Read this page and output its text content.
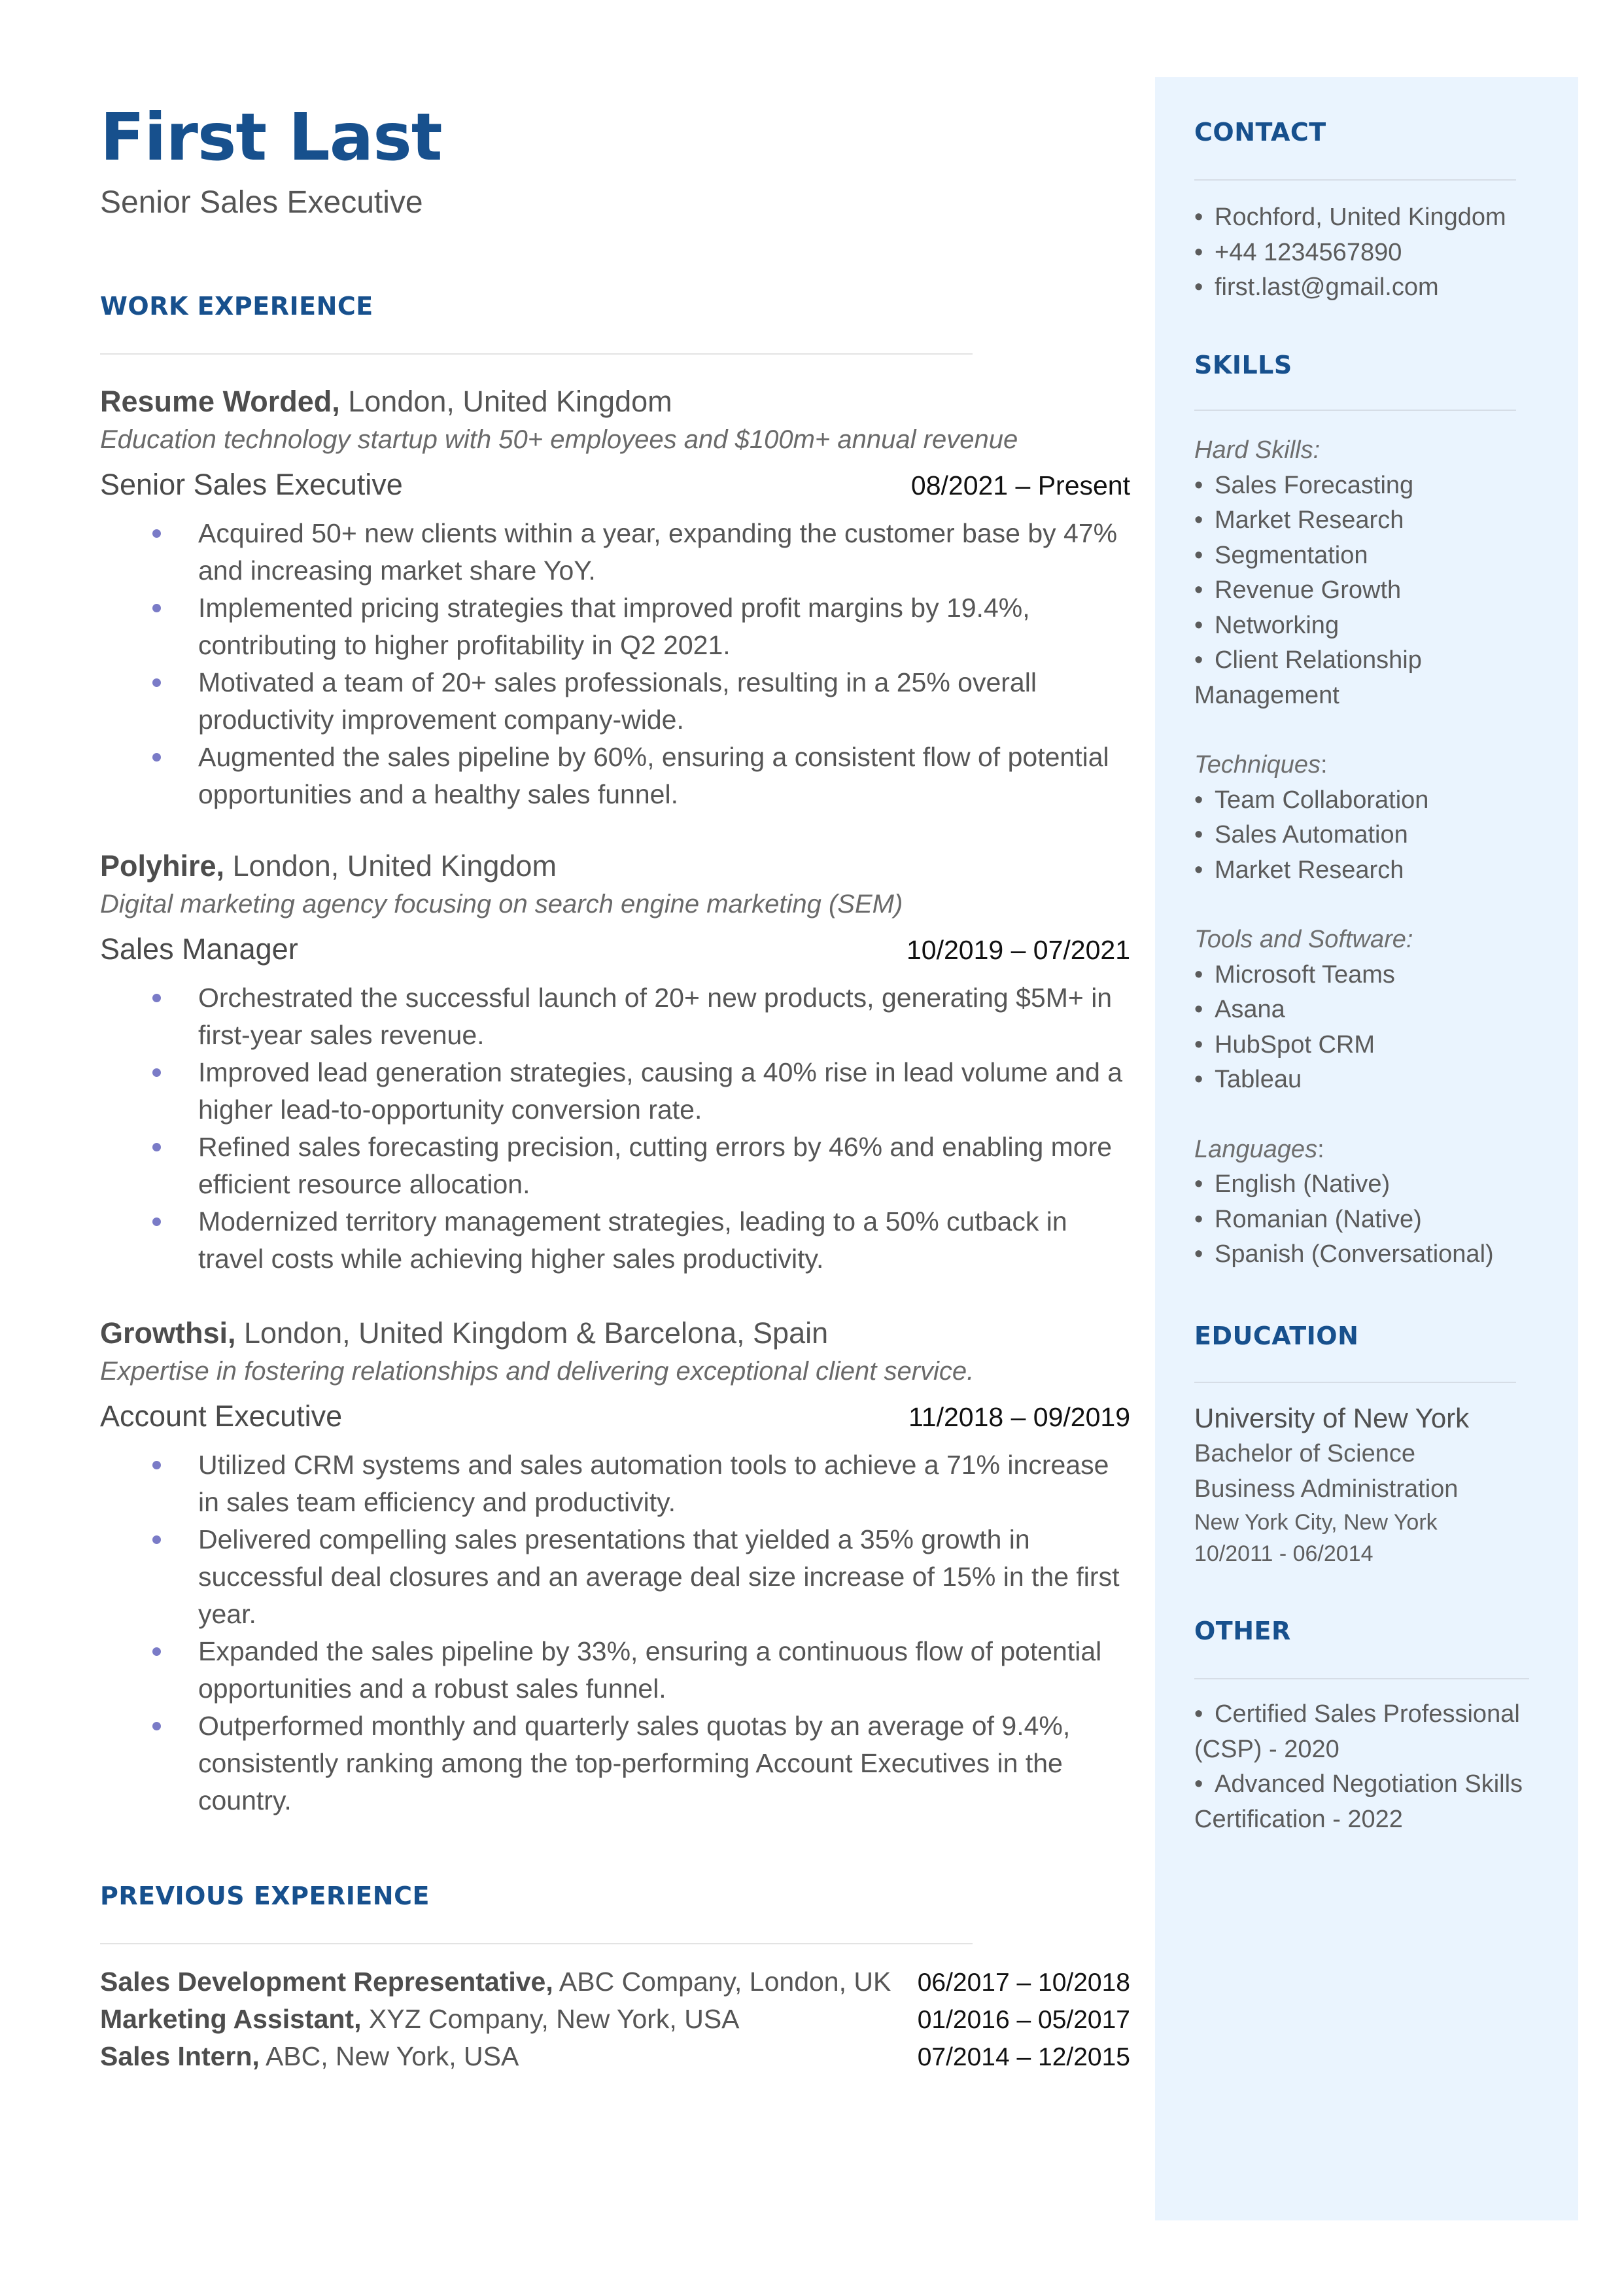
First Last
Senior Sales Executive
WORK EXPERIENCE
Resume Worded, London, United Kingdom
Education technology startup with 50+ employees and $100m+ annual revenue
Senior Sales Executive	08/2021 – Present
Acquired 50+ new clients within a year, expanding the customer base by 47% and increasing market share YoY.
Implemented pricing strategies that improved profit margins by 19.4%, contributing to higher profitability in Q2 2021.
Motivated a team of 20+ sales professionals, resulting in a 25% overall productivity improvement company-wide.
Augmented the sales pipeline by 60%, ensuring a consistent flow of potential opportunities and a healthy sales funnel.
Polyhire, London, United Kingdom
Digital marketing agency focusing on search engine marketing (SEM)
Sales Manager	10/2019 – 07/2021
Orchestrated the successful launch of 20+ new products, generating $5M+ in first-year sales revenue.
Improved lead generation strategies, causing a 40% rise in lead volume and a higher lead-to-opportunity conversion rate.
Refined sales forecasting precision, cutting errors by 46% and enabling more efficient resource allocation.
Modernized territory management strategies, leading to a 50% cutback in travel costs while achieving higher sales productivity.
Growthsi, London, United Kingdom & Barcelona, Spain
Expertise in fostering relationships and delivering exceptional client service.
Account Executive	11/2018 – 09/2019
Utilized CRM systems and sales automation tools to achieve a 71% increase in sales team efficiency and productivity.
Delivered compelling sales presentations that yielded a 35% growth in successful deal closures and an average deal size increase of 15% in the first year.
Expanded the sales pipeline by 33%, ensuring a continuous flow of potential opportunities and a robust sales funnel.
Outperformed monthly and quarterly sales quotas by an average of 9.4%, consistently ranking among the top-performing Account Executives in the country.
PREVIOUS EXPERIENCE
Sales Development Representative, ABC Company, London, UK 06/2017 – 10/2018
Marketing Assistant, XYZ Company, New York, USA	01/2016 – 05/2017
Sales Intern, ABC, New York, USA	07/2014 – 12/2015
CONTACT
• Rochford, United Kingdom
• +44 1234567890
• first.last@gmail.com
SKILLS
Hard Skills:
• Sales Forecasting
• Market Research
• Segmentation
• Revenue Growth
• Networking
• Client Relationship
Management
Techniques:
• Team Collaboration
• Sales Automation
• Market Research
Tools and Software:
• Microsoft Teams
• Asana
• HubSpot CRM
• Tableau
Languages:
• English (Native)
• Romanian (Native)
• Spanish (Conversational)
EDUCATION
University of New York
Bachelor of Science
Business Administration
New York City, New York
10/2011 - 06/2014
OTHER
• Certified Sales Professional
(CSP) - 2020
• Advanced Negotiation Skills
Certification - 2022
